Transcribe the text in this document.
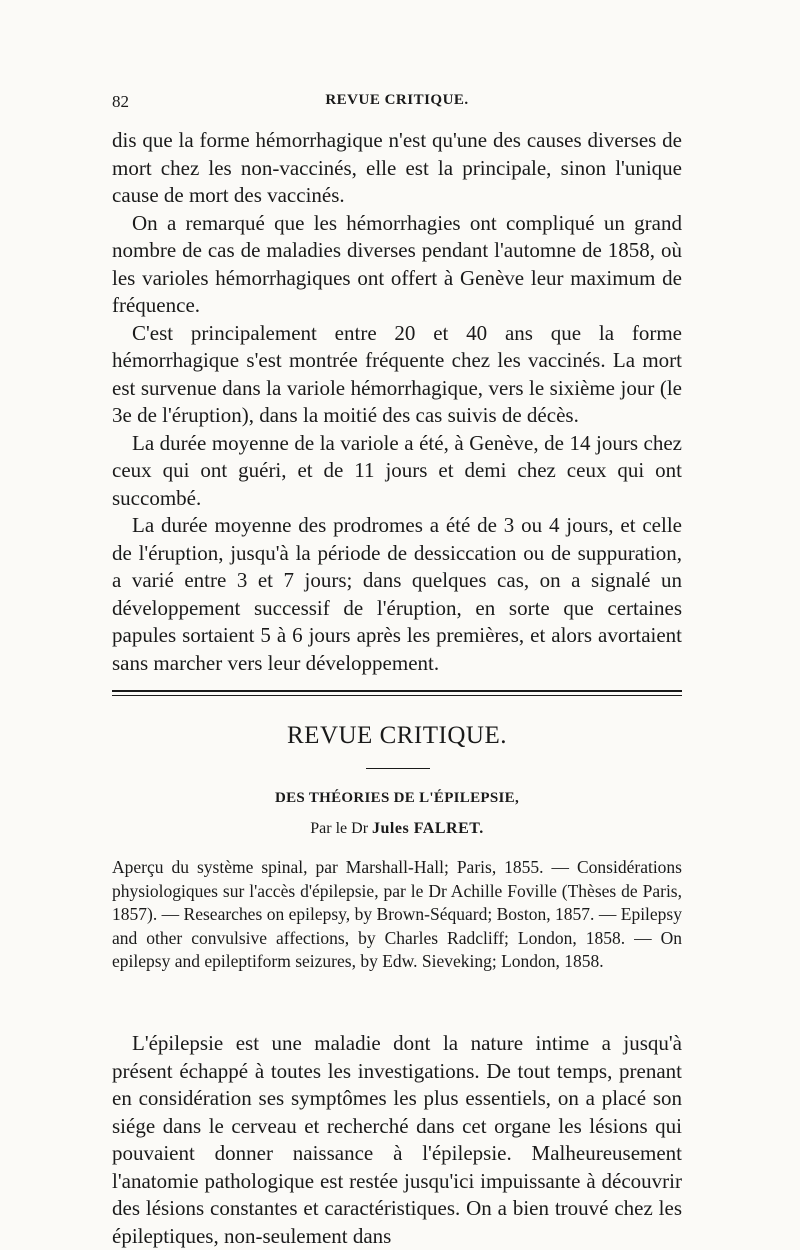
82	REVUE CRITIQUE.

dis que la forme hémorrhagique n'est qu'une des causes diverses de mort chez les non-vaccinés, elle est la principale, sinon l'unique cause de mort des vaccinés.

On a remarqué que les hémorrhagies ont compliqué un grand nombre de cas de maladies diverses pendant l'automne de 1858, où les varioles hémorrhagiques ont offert à Genève leur maximum de fréquence.

C'est principalement entre 20 et 40 ans que la forme hémorrhagique s'est montrée fréquente chez les vaccinés. La mort est survenue dans la variole hémorrhagique, vers le sixième jour (le 3e de l'éruption), dans la moitié des cas suivis de décès.

La durée moyenne de la variole a été, à Genève, de 14 jours chez ceux qui ont guéri, et de 11 jours et demi chez ceux qui ont succombé.

La durée moyenne des prodromes a été de 3 ou 4 jours, et celle de l'éruption, jusqu'à la période de dessiccation ou de suppuration, a varié entre 3 et 7 jours; dans quelques cas, on a signalé un développement successif de l'éruption, en sorte que certaines papules sortaient 5 à 6 jours après les premières, et alors avortaient sans marcher vers leur développement.

REVUE CRITIQUE.
DES THÉORIES DE L'ÉPILEPSIE,
Par le Dr Jules FALRET.

Aperçu du système spinal, par Marshall-Hall; Paris, 1855. — Considérations physiologiques sur l'accès d'épilepsie, par le Dr Achille Foville (Thèses de Paris, 1857). — Researches on epilepsy, by Brown-Séquard; Boston, 1857. — Epilepsy and other convulsive affections, by Charles Radcliff; London, 1858. — On epilepsy and epileptiform seizures, by Edw. Sieveking; London, 1858.

L'épilepsie est une maladie dont la nature intime a jusqu'à présent échappé à toutes les investigations. De tout temps, prenant en considération ses symptômes les plus essentiels, on a placé son siége dans le cerveau et recherché dans cet organe les lésions qui pouvaient donner naissance à l'épilepsie. Malheureusement l'anatomie pathologique est restée jusqu'ici impuissante à découvrir des lésions constantes et caractéristiques. On a bien trouvé chez les épileptiques, non-seulement dans
